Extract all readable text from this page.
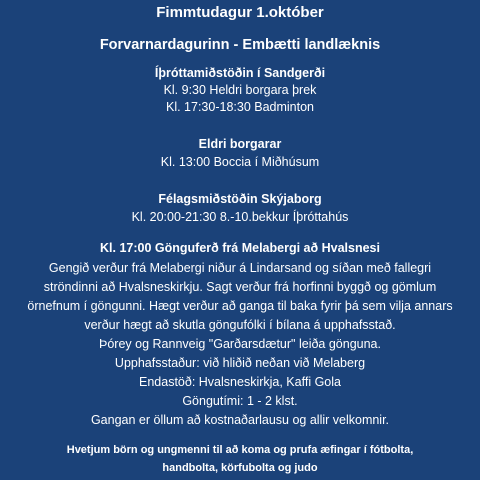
Fimmtudagur 1.október
Forvarnardagurinn - Embætti landlæknis
Íþróttamiðstöðin í Sandgerði
Kl. 9:30 Heldri borgara þrek
Kl. 17:30-18:30 Badminton
Eldri borgarar
Kl. 13:00 Boccia í Miðhúsum
Félagsmiðstöðin Skýjaborg
Kl. 20:00-21:30 8.-10.bekkur Íþróttahús
Kl. 17:00 Gönguferð frá Melabergi að Hvalsnesi
Gengið verður frá Melabergi niður á Lindarsand og síðan með fallegri
ströndinni að Hvalsneskirkju. Sagt verður frá horfinni byggð og gömlum
örnefnum í göngunni. Hægt verður að ganga til baka fyrir þá sem vilja annars
verður hægt að skutla göngufólki í bílana á upphafsstað.
Þórey og Rannveig "Garðarsdætur" leiða gönguna.
Upphafsstaður: við hliðið neðan við Melaberg
Endastöð: Hvalsneskirkja, Kaffi Gola
Göngutími: 1 - 2 klst.
Gangan er öllum að kostnaðarlausu og allir velkomnir.
Hvetjum börn og ungmenni til að koma og prufa æfingar í fótbolta,
handbolta, körfubolta og judo
